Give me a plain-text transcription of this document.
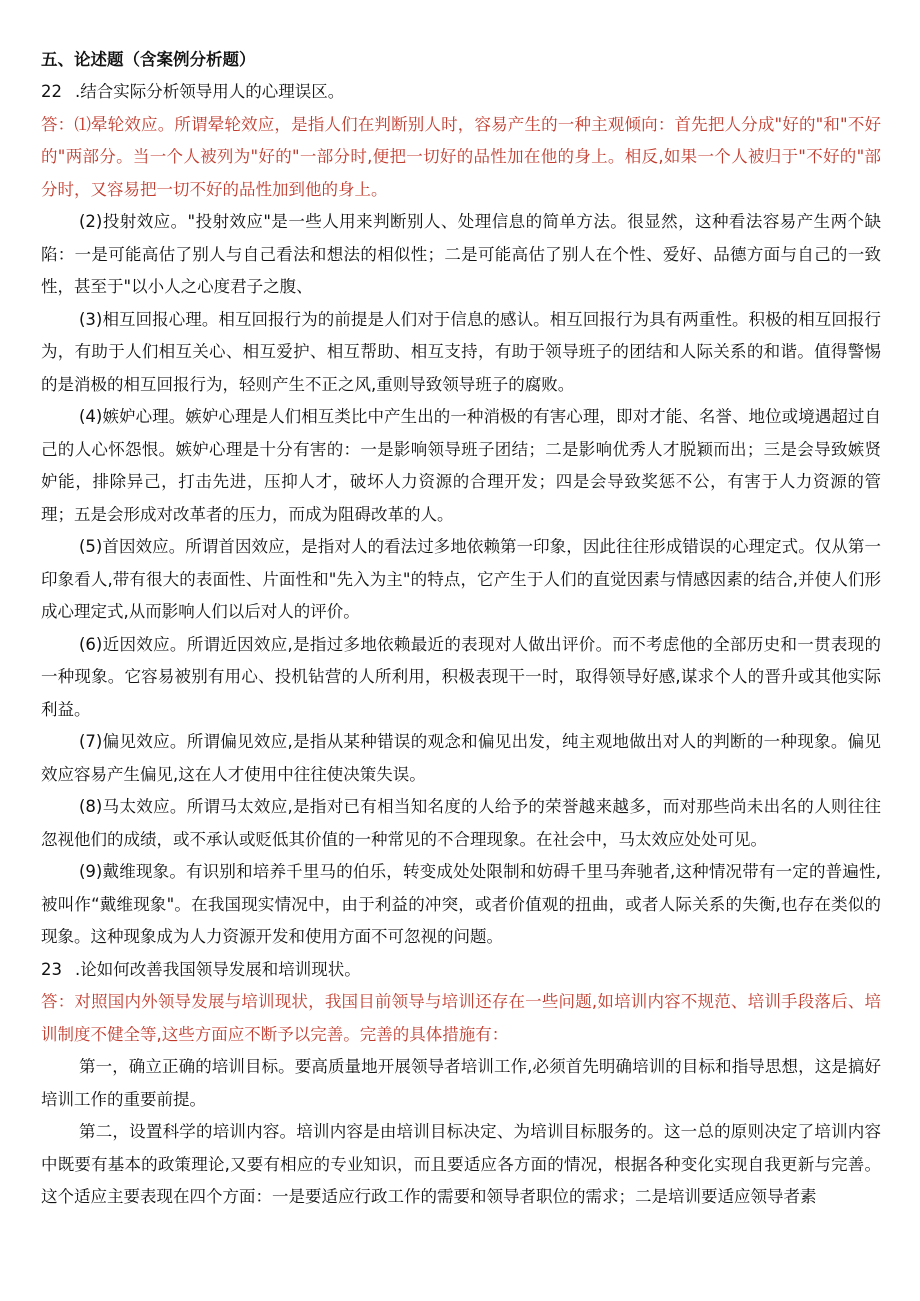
五、论述题（含案例分析题）

22 .结合实际分析领导用人的心理误区。

答：⑴晕轮效应。所谓晕轮效应，是指人们在判断别人时，容易产生的一种主观倾向：首先把人分成"好的"和"不好的"两部分。当一个人被列为"好的"一部分时,便把一切好的品性加在他的身上。相反,如果一个人被归于"不好的"部分时，又容易把一切不好的品性加到他的身上。

(2)投射效应。"投射效应"是一些人用来判断别人、处理信息的简单方法。很显然，这种看法容易产生两个缺陷：一是可能高估了别人与自己看法和想法的相似性；二是可能高估了别人在个性、爱好、品德方面与自己的一致性，甚至于"以小人之心度君子之腹、

(3)相互回报心理。相互回报行为的前提是人们对于信息的感认。相互回报行为具有两重性。积极的相互回报行为，有助于人们相互关心、相互爱护、相互帮助、相互支持，有助于领导班子的团结和人际关系的和谐。值得警惕的是消极的相互回报行为，轻则产生不正之风,重则导致领导班子的腐败。

(4)嫉妒心理。嫉妒心理是人们相互类比中产生出的一种消极的有害心理，即对才能、名誉、地位或境遇超过自己的人心怀怨恨。嫉妒心理是十分有害的：一是影响领导班子团结；二是影响优秀人才脱颖而出；三是会导致嫉贤妒能，排除异己，打击先进，压抑人才，破坏人力资源的合理开发；四是会导致奖惩不公，有害于人力资源的管理；五是会形成对改革者的压力，而成为阻碍改革的人。

(5)首因效应。所谓首因效应，是指对人的看法过多地依赖第一印象，因此往往形成错误的心理定式。仅从第一印象看人,带有很大的表面性、片面性和"先入为主"的特点，它产生于人们的直觉因素与情感因素的结合,并使人们形成心理定式,从而影响人们以后对人的评价。

(6)近因效应。所谓近因效应,是指过多地依赖最近的表现对人做出评价。而不考虑他的全部历史和一贯表现的一种现象。它容易被别有用心、投机钻营的人所利用，积极表现干一时，取得领导好感,谋求个人的晋升或其他实际利益。

(7)偏见效应。所谓偏见效应,是指从某种错误的观念和偏见出发，纯主观地做出对人的判断的一种现象。偏见效应容易产生偏见,这在人才使用中往往使决策失误。

(8)马太效应。所谓马太效应,是指对已有相当知名度的人给予的荣誉越来越多，而对那些尚未出名的人则往往忽视他们的成绩，或不承认或贬低其价值的一种常见的不合理现象。在社会中，马太效应处处可见。

(9)戴维现象。有识别和培养千里马的伯乐，转变成处处限制和妨碍千里马奔驰者,这种情况带有一定的普遍性,被叫作“戴维现象"。在我国现实情况中，由于利益的冲突，或者价值观的扭曲，或者人际关系的失衡,也存在类似的现象。这种现象成为人力资源开发和使用方面不可忽视的问题。

23 .论如何改善我国领导发展和培训现状。

答：对照国内外领导发展与培训现状，我国目前领导与培训还存在一些问题,如培训内容不规范、培训手段落后、培训制度不健全等,这些方面应不断予以完善。完善的具体措施有：

第一，确立正确的培训目标。要高质量地开展领导者培训工作,必须首先明确培训的目标和指导思想，这是搞好培训工作的重要前提。

第二，设置科学的培训内容。培训内容是由培训目标决定、为培训目标服务的。这一总的原则决定了培训内容中既要有基本的政策理论,又要有相应的专业知识，而且要适应各方面的情况，根据各种变化实现自我更新与完善。这个适应主要表现在四个方面：一是要适应行政工作的需要和领导者职位的需求；二是培训要适应领导者素
